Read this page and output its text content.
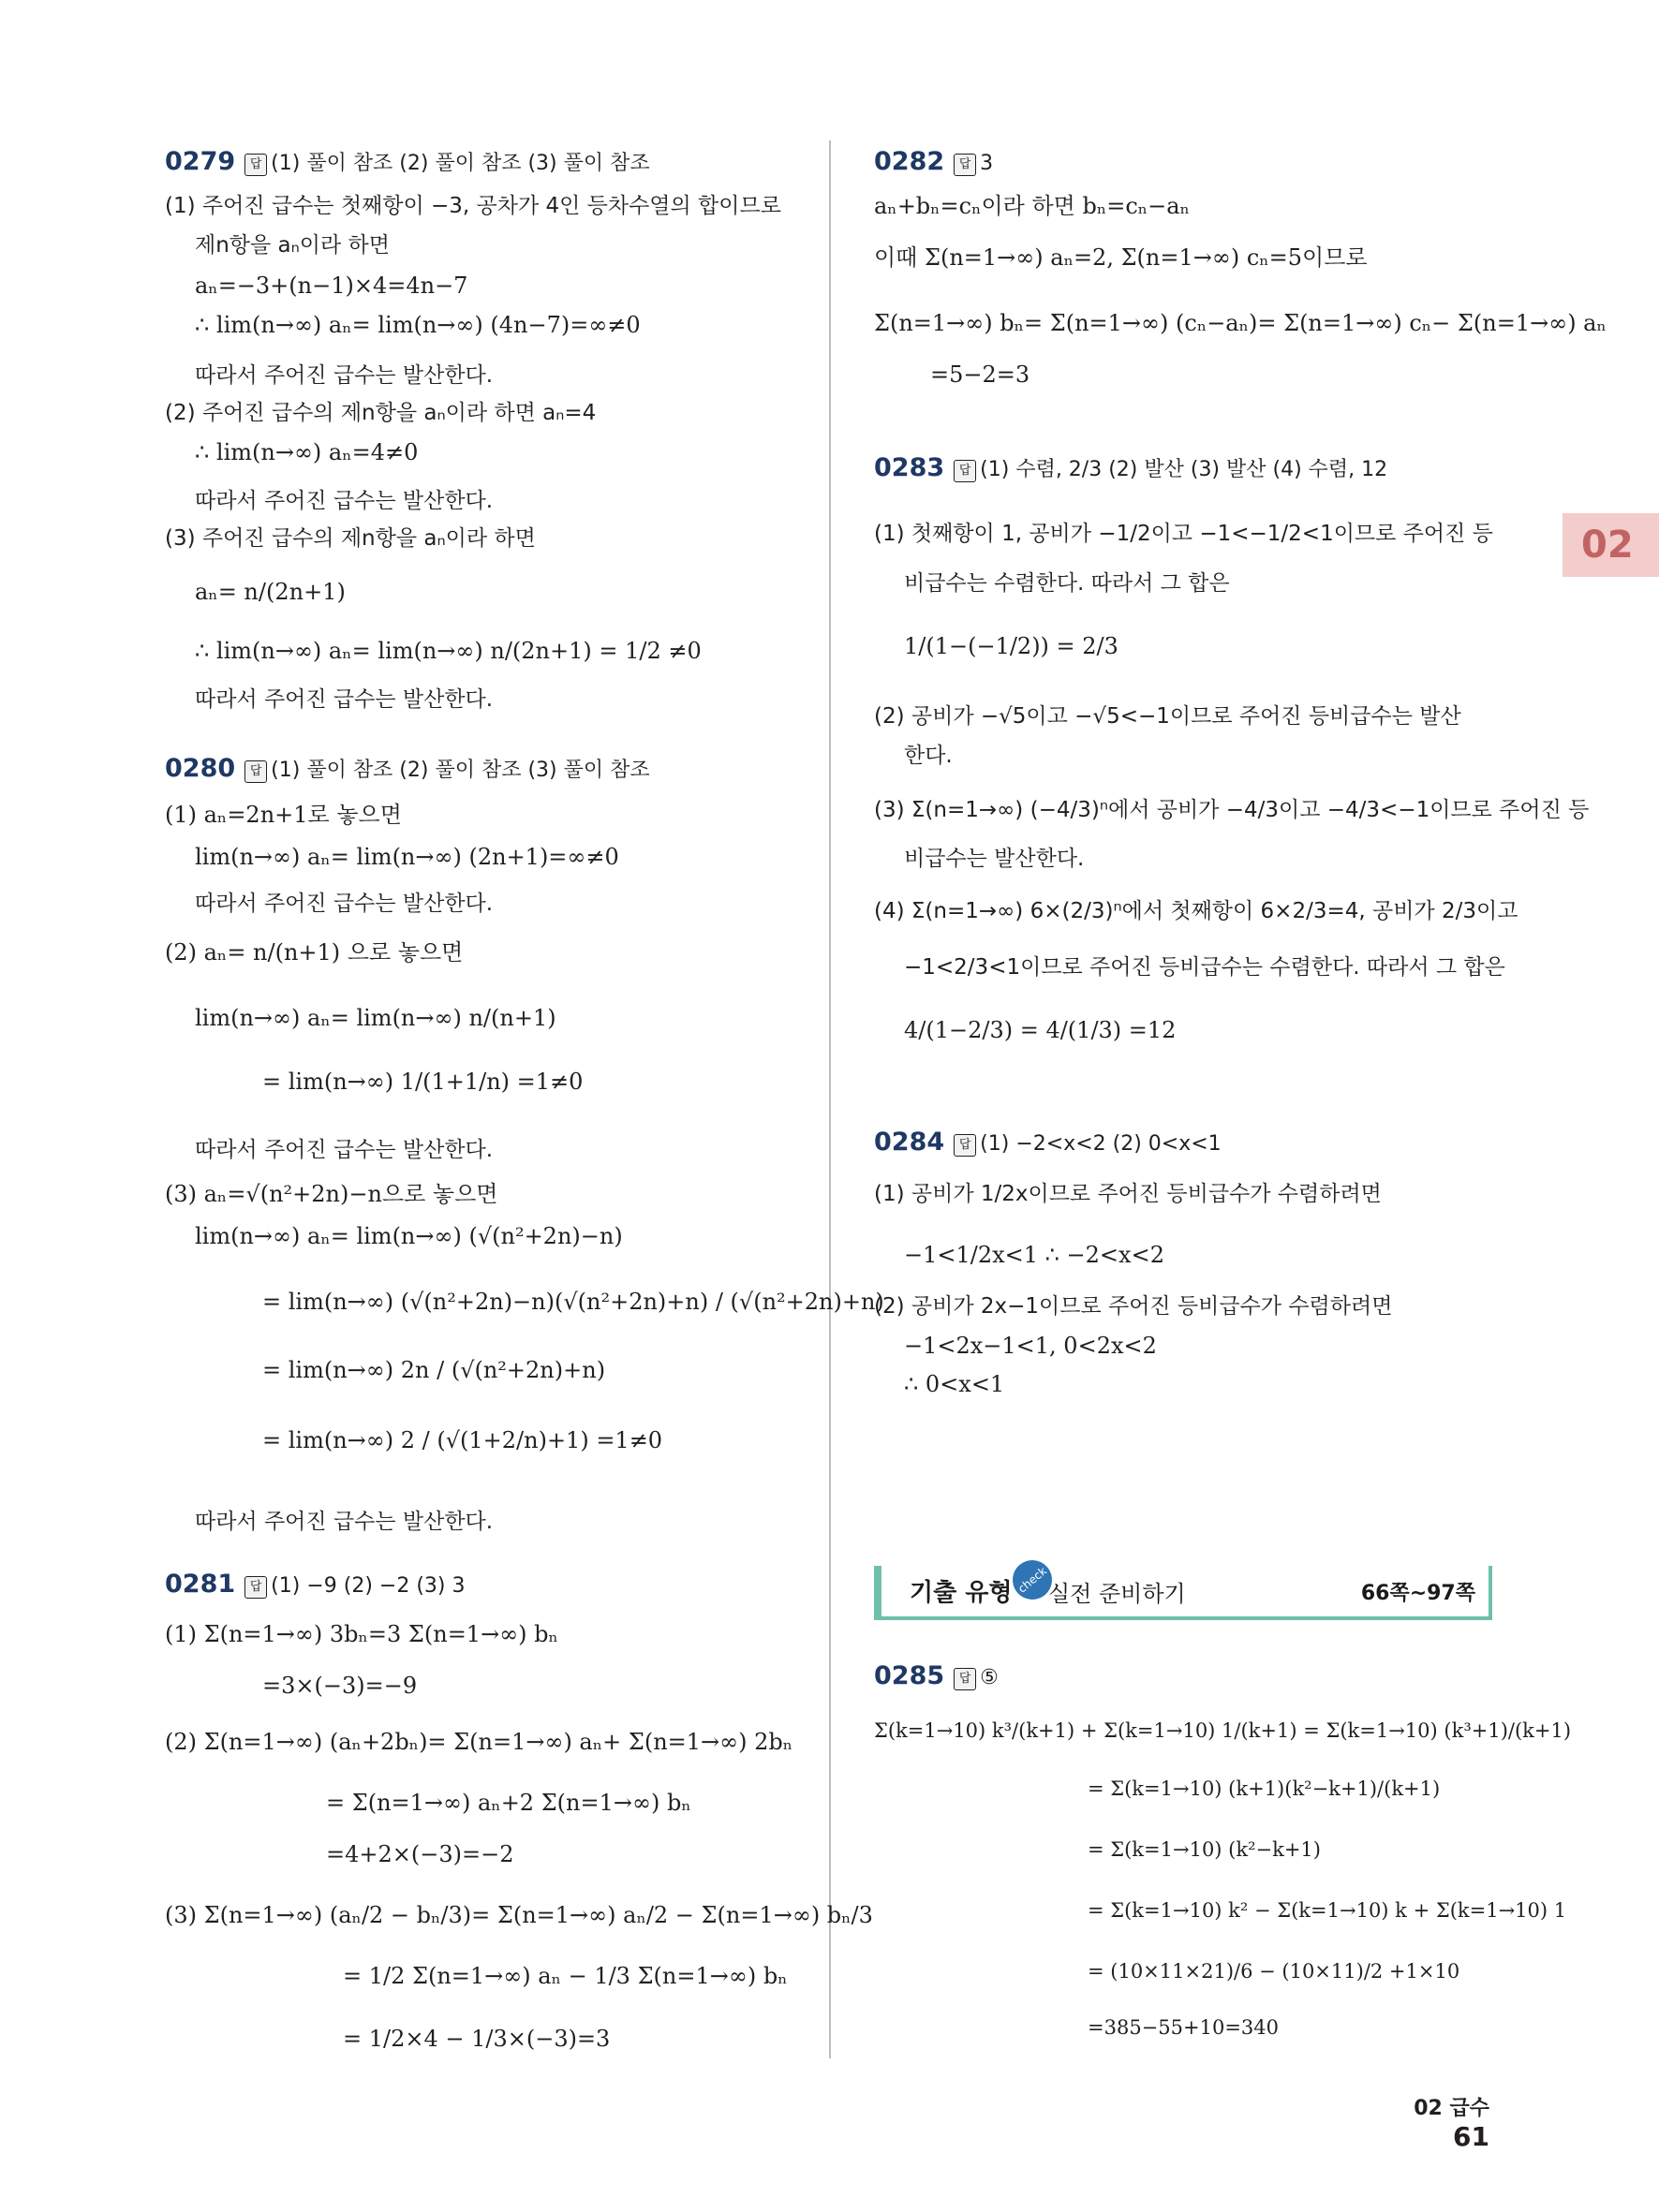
02
0279 답 (1) 풀이 참조 (2) 풀이 참조 (3) 풀이 참조
(1) 주어진 급수는 첫째항이 −3, 공차가 4인 등차수열의 합이므로
제n항을 aₙ이라 하면
aₙ=−3+(n−1)×4=4n−7
∴ lim(n→∞) aₙ= lim(n→∞) (4n−7)=∞≠0
따라서 주어진 급수는 발산한다.
(2) 주어진 급수의 제n항을 aₙ이라 하면 aₙ=4
∴ lim(n→∞) aₙ=4≠0
따라서 주어진 급수는 발산한다.
(3) 주어진 급수의 제n항을 aₙ이라 하면
aₙ= n/(2n+1)
∴ lim(n→∞) aₙ= lim(n→∞) n/(2n+1) = 1/2 ≠0
따라서 주어진 급수는 발산한다.
0280 답 (1) 풀이 참조 (2) 풀이 참조 (3) 풀이 참조
(1) aₙ=2n+1로 놓으면
lim(n→∞) aₙ= lim(n→∞) (2n+1)=∞≠0
따라서 주어진 급수는 발산한다.
(2) aₙ= n/(n+1) 으로 놓으면
lim(n→∞) aₙ= lim(n→∞) n/(n+1)
= lim(n→∞) 1/(1+1/n) =1≠0
따라서 주어진 급수는 발산한다.
(3) aₙ=√(n²+2n)−n으로 놓으면
lim(n→∞) aₙ= lim(n→∞) (√(n²+2n)−n)
= lim(n→∞) (√(n²+2n)−n)(√(n²+2n)+n) / (√(n²+2n)+n)
= lim(n→∞) 2n / (√(n²+2n)+n)
= lim(n→∞) 2 / (√(1+2/n)+1) =1≠0
따라서 주어진 급수는 발산한다.
0281 답 (1) −9 (2) −2 (3) 3
(1) Σ(n=1→∞) 3bₙ=3 Σ(n=1→∞) bₙ
=3×(−3)=−9
(2) Σ(n=1→∞) (aₙ+2bₙ)= Σ(n=1→∞) aₙ+ Σ(n=1→∞) 2bₙ
= Σ(n=1→∞) aₙ+2 Σ(n=1→∞) bₙ
=4+2×(−3)=−2
(3) Σ(n=1→∞) (aₙ/2 − bₙ/3)= Σ(n=1→∞) aₙ/2 − Σ(n=1→∞) bₙ/3
= 1/2 Σ(n=1→∞) aₙ − 1/3 Σ(n=1→∞) bₙ
= 1/2×4 − 1/3×(−3)=3
0282 답 3
aₙ+bₙ=cₙ이라 하면 bₙ=cₙ−aₙ
이때 Σ(n=1→∞) aₙ=2, Σ(n=1→∞) cₙ=5이므로
Σ(n=1→∞) bₙ= Σ(n=1→∞) (cₙ−aₙ)= Σ(n=1→∞) cₙ− Σ(n=1→∞) aₙ
=5−2=3
0283 답 (1) 수렴, 2/3 (2) 발산 (3) 발산 (4) 수렴, 12
(1) 첫째항이 1, 공비가 −1/2이고 −1<−1/2<1이므로 주어진 등
비급수는 수렴한다. 따라서 그 합은
1/(1−(−1/2)) = 2/3
(2) 공비가 −√5이고 −√5<−1이므로 주어진 등비급수는 발산
한다.
(3) Σ(n=1→∞) (−4/3)ⁿ에서 공비가 −4/3이고 −4/3<−1이므로 주어진 등
비급수는 발산한다.
(4) Σ(n=1→∞) 6×(2/3)ⁿ에서 첫째항이 6×2/3=4, 공비가 2/3이고
−1<2/3<1이므로 주어진 등비급수는 수렴한다. 따라서 그 합은
4/(1−2/3) = 4/(1/3) =12
0284 답 (1) −2<x<2 (2) 0<x<1
(1) 공비가 1/2x이므로 주어진 등비급수가 수렴하려면
−1<1/2x<1 ∴ −2<x<2
(2) 공비가 2x−1이므로 주어진 등비급수가 수렴하려면
−1<2x−1<1, 0<2x<2
∴ 0<x<1
0285 답 ⑤
Σ(k=1→10) k³/(k+1) + Σ(k=1→10) 1/(k+1) = Σ(k=1→10) (k³+1)/(k+1)
= Σ(k=1→10) (k+1)(k²−k+1)/(k+1)
= Σ(k=1→10) (k²−k+1)
= Σ(k=1→10) k² − Σ(k=1→10) k + Σ(k=1→10) 1
= (10×11×21)/6 − (10×11)/2 +1×10
=385−55+10=340
기출 유형 check 실전 준비하기	66쪽~97쪽
02 급수61
